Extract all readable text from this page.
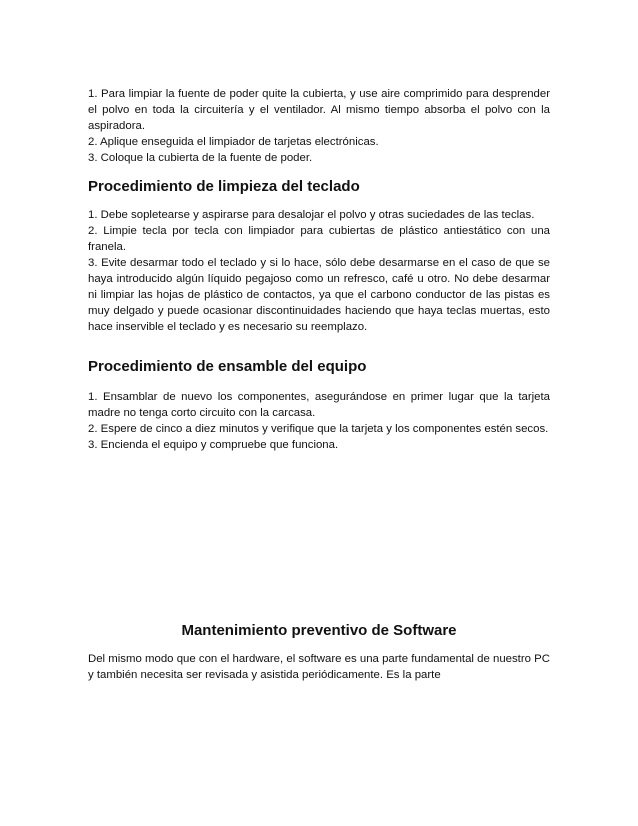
1. Para limpiar la fuente de poder quite la cubierta, y use aire comprimido para desprender el polvo en toda la circuitería y el ventilador. Al mismo tiempo absorba el polvo con la aspiradora.

2. Aplique enseguida el limpiador de tarjetas electrónicas.

3. Coloque la cubierta de la fuente de poder.

Procedimiento de limpieza del teclado

1. Debe sopletearse y aspirarse para desalojar el polvo y otras suciedades de las teclas.

2. Limpie tecla por tecla con limpiador para cubiertas de plástico antiestático con una franela.

3. Evite desarmar todo el teclado y si lo hace, sólo debe desarmarse en el caso de que se haya introducido algún líquido pegajoso como un refresco, café u otro. No debe desarmar ni limpiar las hojas de plástico de contactos, ya que el carbono conductor de las pistas es muy delgado y puede ocasionar discontinuidades haciendo que haya teclas muertas, esto hace inservible el teclado y es necesario su reemplazo.

Procedimiento de ensamble del equipo

1. Ensamblar de nuevo los componentes, asegurándose en primer lugar que la tarjeta madre no tenga corto circuito con la carcasa.

2. Espere de cinco a diez minutos y verifique que la tarjeta y los componentes estén secos.

3. Encienda el equipo y compruebe que funciona.

Mantenimiento preventivo de Software

Del mismo modo que con el hardware, el software es una parte fundamental de nuestro PC y también necesita ser revisada y asistida periódicamente. Es la parte
